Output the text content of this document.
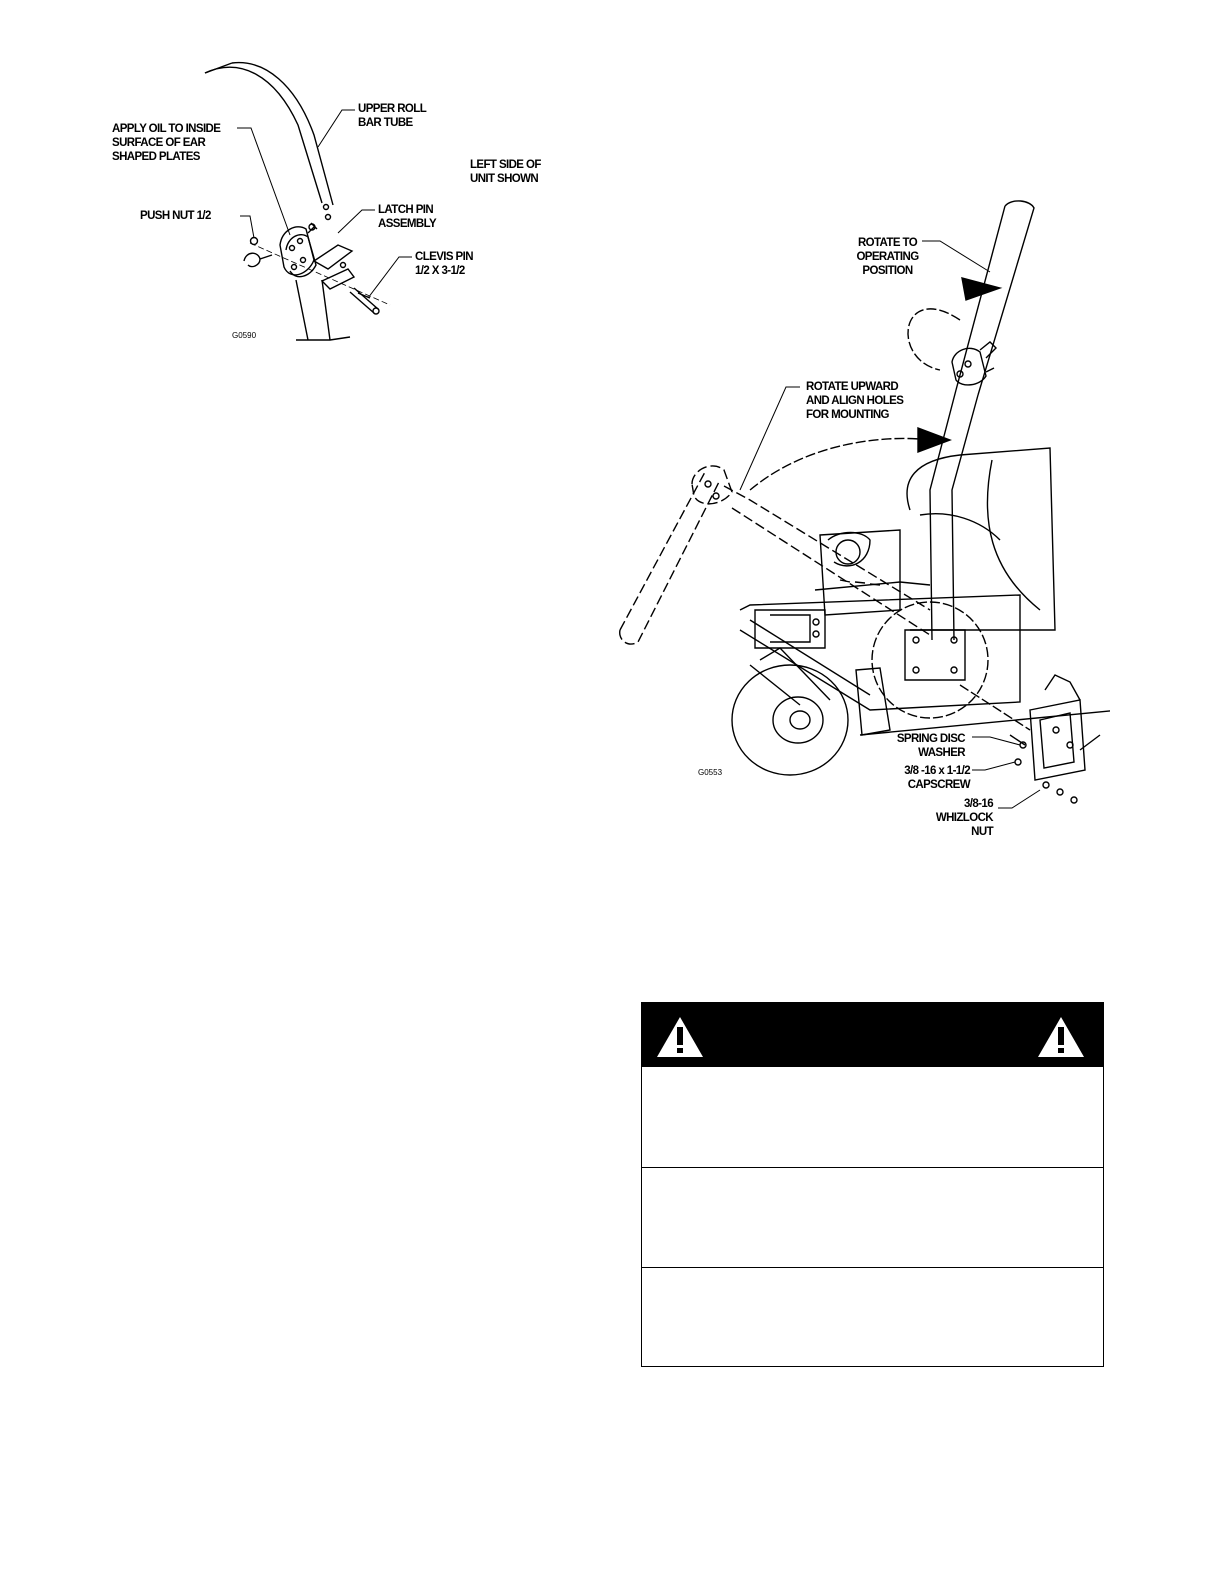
UPPER ROLL
BAR TUBE
APPLY OIL TO INSIDE
SURFACE OF EAR
SHAPED PLATES
LEFT SIDE OF
UNIT SHOWN
PUSH NUT 1/2	LATCH PIN
ASSEMBLY
CLEVIS PIN
1/2 X 3-1/2
G0590
ROTATE TO
OPERATING
POSITION
ROTATE UPWARD
AND ALIGN HOLES
FOR MOUNTING
SPRING DISC
WASHER
3/8 -16 x 1-1/2
CAPSCREW
3/8-16
WHIZLOCK
NUT
G0553
